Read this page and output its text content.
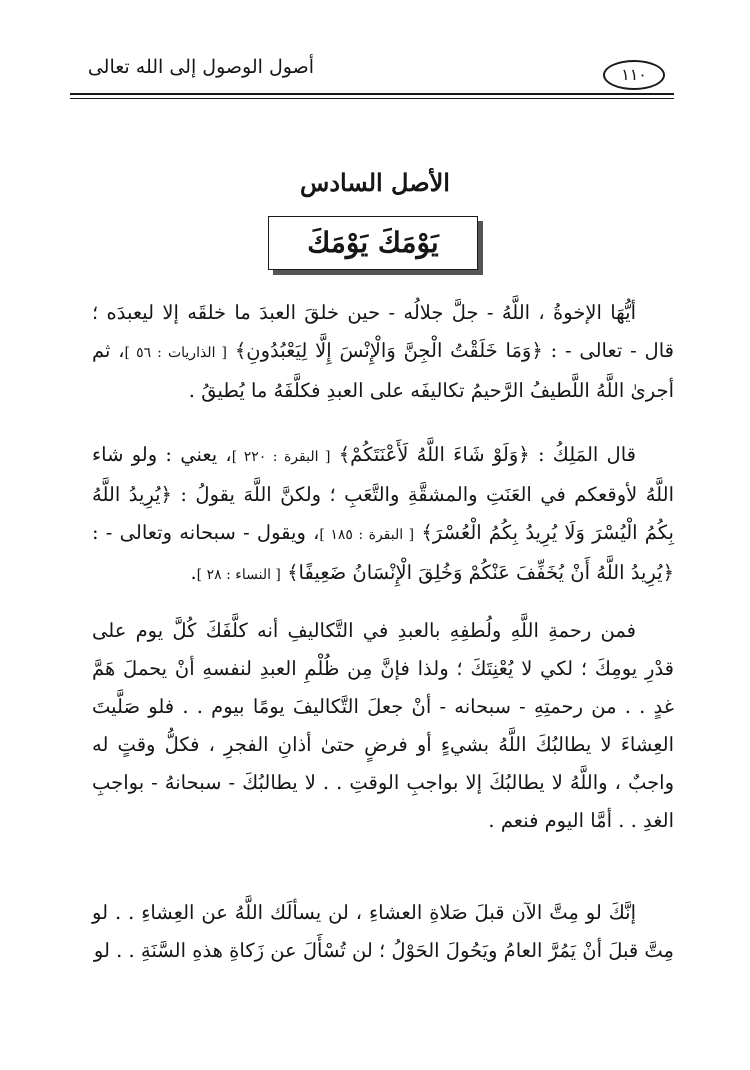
أصول الوصول إلى الله تعالى	١١٠
الأصل السادس
يَوْمَكَ يَوْمَكَ

أيُّهَا الإخوةُ ، اللَّهُ - جلَّ جلالُه - حين خلقَ العبدَ ما خلقَه إلا ليعبدَه ؛ قال - تعالى - : ﴿وَمَا خَلَقْتُ الْجِنَّ وَالْإِنْسَ إِلَّا لِيَعْبُدُونِ﴾ [ الذاريات : ٥٦ ]، ثم أجرىٰ اللَّهُ اللَّطيفُ الرَّحيمُ تكاليفَه على العبدِ فكلَّفَهُ ما يُطيقُ .

قال المَلِكُ : ﴿وَلَوْ شَاءَ اللَّهُ لَأَعْنَتَكُمْ﴾ [ البقرة : ٢٢٠ ]، يعني : ولو شاء اللَّهُ لأوقعكم في العَنَتِ والمشقَّةِ والتَّعَبِ ؛ ولكنَّ اللَّهَ يقولُ : ﴿يُرِيدُ اللَّهُ بِكُمُ الْيُسْرَ وَلَا يُرِيدُ بِكُمُ الْعُسْرَ﴾ [ البقرة : ١٨٥ ]، ويقول - سبحانه وتعالى - : ﴿يُرِيدُ اللَّهُ أَنْ يُخَفِّفَ عَنْكُمْ وَخُلِقَ الْإِنْسَانُ ضَعِيفًا﴾ [ النساء : ٢٨ ].

فمن رحمةِ اللَّهِ ولُطفِهِ بالعبدِ في التَّكاليفِ أنه كلَّفَكَ كُلَّ يوم على قدْرِ يومِكَ ؛ لكي لا يُعْنِتَكَ ؛ ولذا فإنَّ مِن ظُلْمِ العبدِ لنفسهِ أنْ يحملَ هَمَّ غدٍ . . من رحمتِهِ - سبحانه - أنْ جعلَ التَّكاليفَ يومًا بيوم . . فلو صَلَّيتَ العِشاءَ لا يطالبُكَ اللَّهُ بشيءٍ أو فرضٍ حتىٰ أذانِ الفجرِ ، فكلُّ وقتٍ له واجبٌ ، واللَّهُ لا يطالبُكَ إلا بواجبِ الوقتِ . . لا يطالبُكَ - سبحانهُ - بواجبِ الغدِ . . أمَّا اليوم فنعم .

إنَّكَ لو مِتَّ الآن قبلَ صَلاةِ العشاءِ ، لن يسألَك اللَّهُ عن العِشاءِ . . لو مِتَّ قبلَ أنْ يَمُرَّ العامُ ويَحُولَ الحَوْلُ ؛ لن تُسْأَلَ عن زَكاةِ هذهِ السَّنَةِ . . لو
